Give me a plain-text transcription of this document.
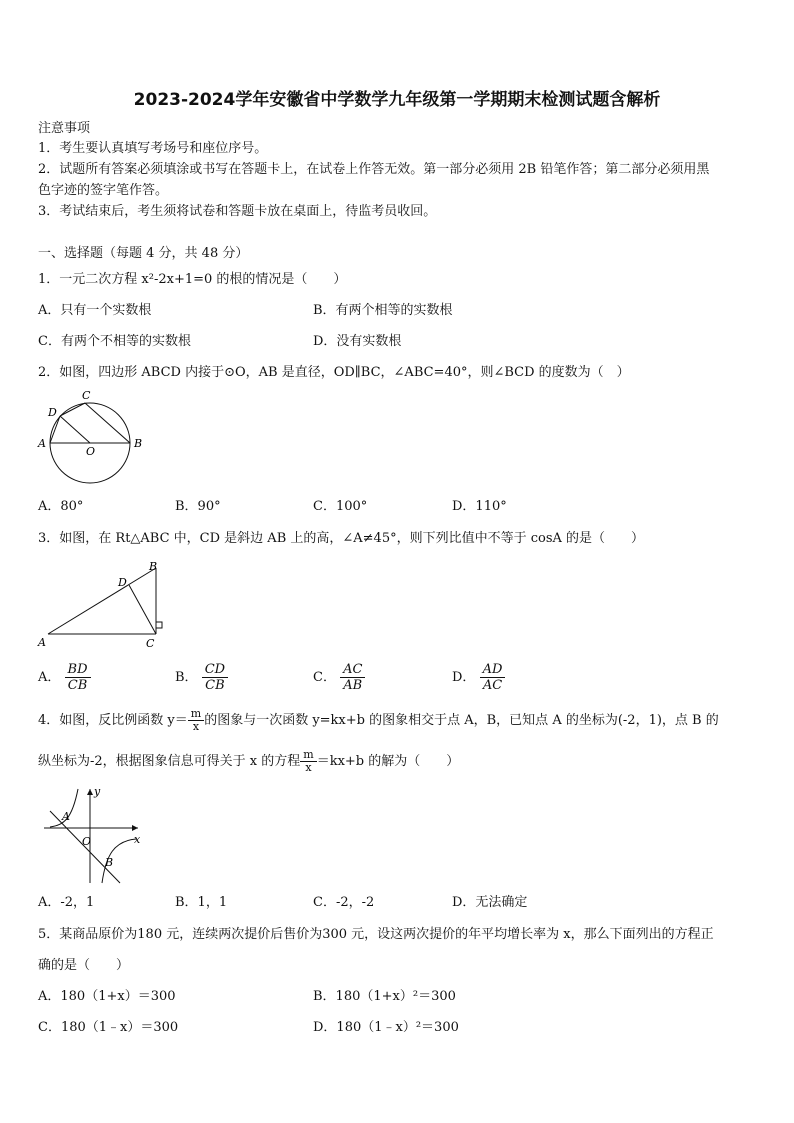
2023-2024学年安徽省中学数学九年级第一学期期末检测试题含解析
注意事项
1．考生要认真填写考场号和座位序号。
2．试题所有答案必须填涂或书写在答题卡上，在试卷上作答无效。第一部分必须用 2B 铅笔作答；第二部分必须用黑
色字迹的签字笔作答。
3．考试结束后，考生须将试卷和答题卡放在桌面上，待监考员收回。
一、选择题（每题 4 分，共 48 分）
1．一元二次方程 x²-2x+1=0 的根的情况是（　　）
A．只有一个实数根	B．有两个相等的实数根
C．有两个不相等的实数根	D．没有实数根
2．如图，四边形 ABCD 内接于⊙O，AB 是直径，OD∥BC，∠ABC=40°，则∠BCD 的度数为（　）
A	B
C
D
O
A．80°	B．90°	C．100°	D．110°
3．如图，在 Rt△ABC 中，CD 是斜边 AB 上的高，∠A≠45°，则下列比值中不等于 cosA 的是（　　）
A
B
C
D
A． $\frac{BD}{CB}$	B． $\frac{CD}{CB}$	C． $\frac{AC}{AB}$	D． $\frac{AD}{AC}$
4．如图，反比例函数 $y= \frac{m}{x}$ 的图象与一次函数 y=kx+b 的图象相交于点 A，B，已知点 A 的坐标为(-2，1)，点 B 的
纵坐标为-2，根据图象信息可得关于 x 的方程 $\frac{m}{x} =kx+b$ 的解为（　　）
A
B
O	x
y
A．-2，1	B．1，1	C．-2，-2	D．无法确定
5．某商品原价为180 元，连续两次提价后售价为300 元，设这两次提价的年平均增长率为 x，那么下面列出的方程正
确的是（　　）
A．180（1+x）＝300	B．180（1+x）²＝300
C．180（1﹣x）＝300	D．180（1﹣x）²＝300
